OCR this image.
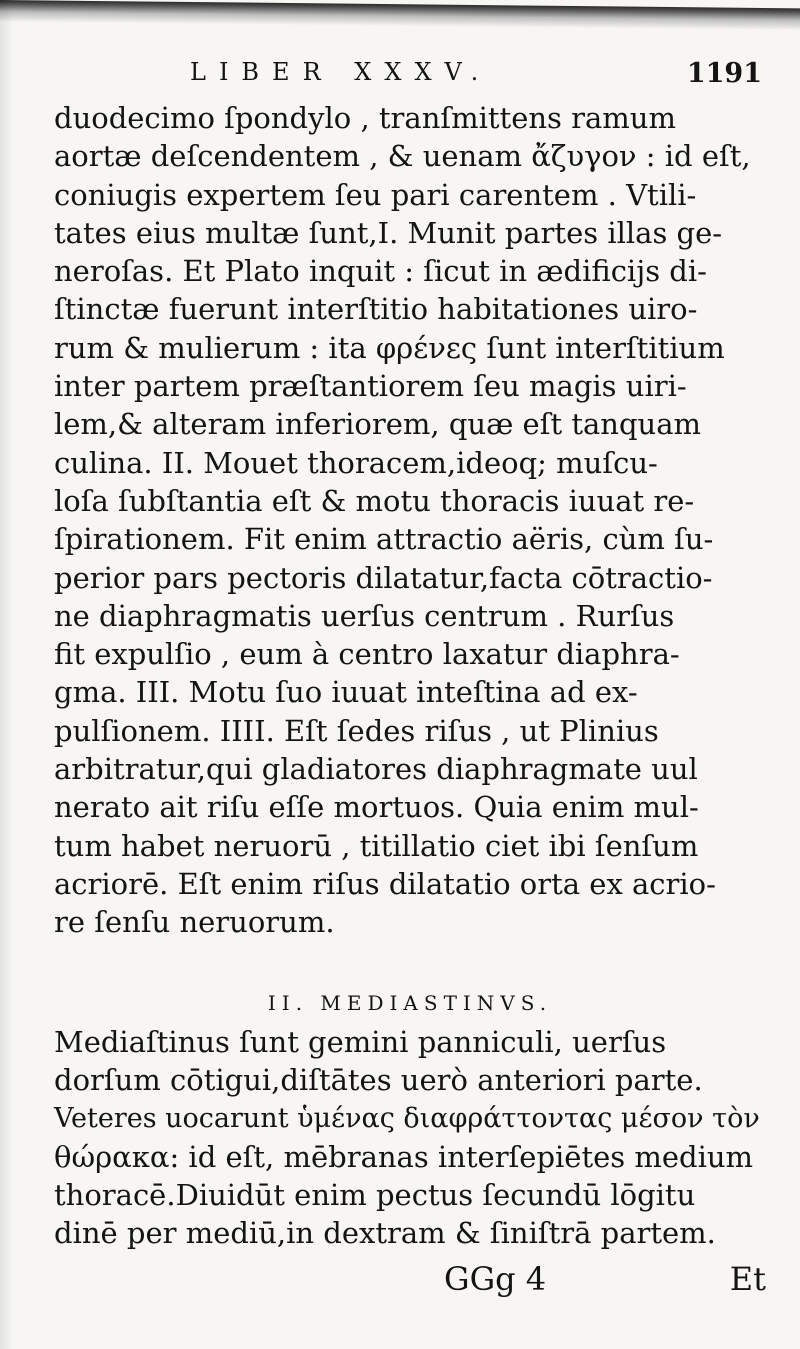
LIBER XXXV.	1191
duodecimo ſpondylo , tranſmittens ramum
aortæ deſcendentem , & uenam ἄζυγον : id eſt,
coniugis expertem ſeu pari carentem . Vtili-
tates eius multæ ſunt,I. Munit partes illas ge-
neroſas. Et Plato inquit : ſicut in ædificijs di-
ſtinctæ fuerunt interſtitio habitationes uiro-
rum & mulierum : ita φρένες ſunt interſtitium
inter partem præſtantiorem ſeu magis uiri-
lem,& alteram inferiorem, quæ eſt tanquam
culina. II. Mouet thoracem,ideoq; muſcu-
loſa ſubſtantia eſt & motu thoracis iuuat re-
ſpirationem. Fit enim attractio aëris, cùm ſu-
perior pars pectoris dilatatur,facta cōtractio-
ne diaphragmatis uerſus centrum . Rurſus
fit expulſio , eum à centro laxatur diaphra-
gma. III. Motu ſuo iuuat inteſtina ad ex-
pulſionem. IIII. Eſt ſedes riſus , ut Plinius
arbitratur,qui gladiatores diaphragmate uul
nerato ait riſu eſſe mortuos. Quia enim mul-
tum habet neruorū , titillatio ciet ibi ſenſum
acriorē. Eſt enim riſus dilatatio orta ex acrio-
re ſenſu neruorum.
II. MEDIASTINVS.
Mediaſtinus ſunt gemini panniculi, uerſus
dorſum cōtigui,diſtātes uerò anteriori parte.
Veteres uocarunt ὑμένας διαφράττοντας μέσον τὸν
θώρακα: id eſt, mēbranas interſepiētes medium
thoracē.Diuidūt enim pectus ſecundū lōgitu
dinē per mediū,in dextram & ſiniſtrā partem.
GGg 4	Et
